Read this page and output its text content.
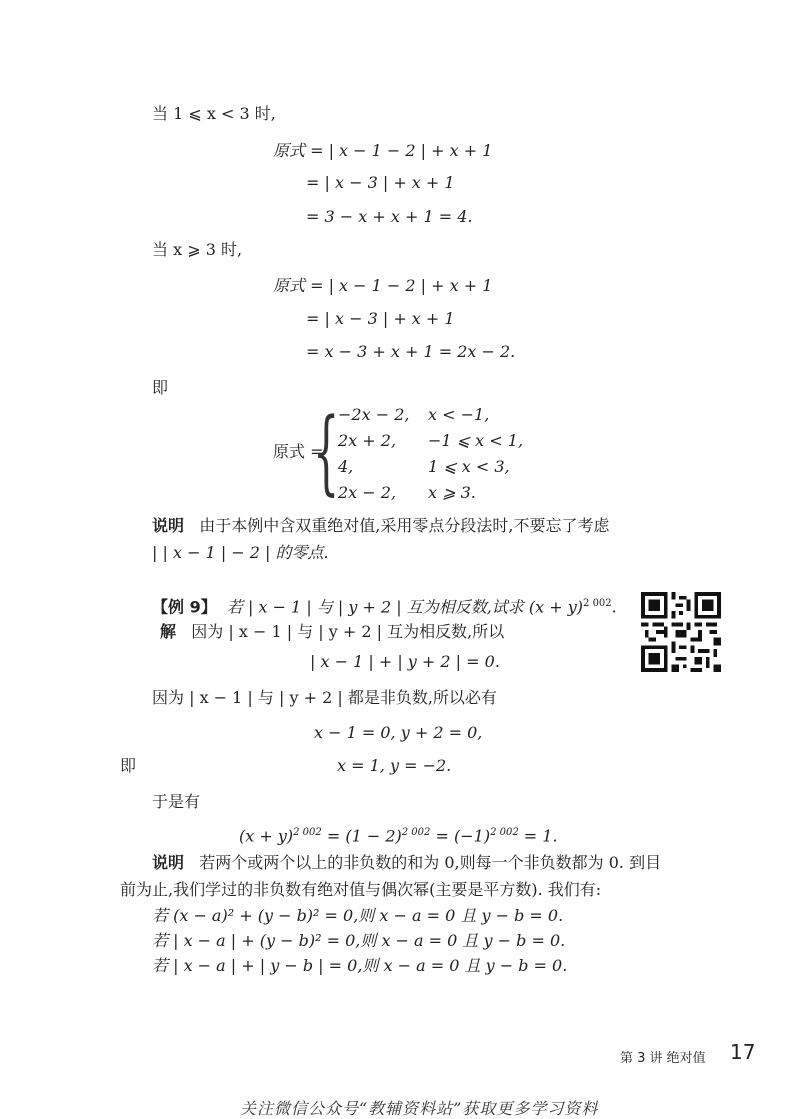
当 1 ⩽ x < 3 时,
原式 = | x − 1 − 2 | + x + 1
= | x − 3 | + x + 1
= 3 − x + x + 1 = 4.
当 x ⩾ 3 时,
原式 = | x − 1 − 2 | + x + 1
= | x − 3 | + x + 1
= x − 3 + x + 1 = 2x − 2.
即
原式 =
{
−2x − 2, x < −1,
2x + 2, −1 ⩽ x < 1,
4,	1 ⩽ x < 3,
2x − 2, x ⩾ 3.
说明 由于本例中含双重绝对值,采用零点分段法时,不要忘了考虑
| | x − 1 | − 2 | 的零点.
【例 9】 若 | x − 1 | 与 | y + 2 | 互为相反数,试求 $(x + y)^{2 002}$.
解 因为 | x − 1 | 与 | y + 2 | 互为相反数,所以
| x − 1 | + | y + 2 | = 0.
因为 | x − 1 | 与 | y + 2 | 都是非负数,所以必有
x − 1 = 0, y + 2 = 0,
即	x = 1, y = −2.
于是有
$(x + y)^{2 002} = (1 - 2)^{2 002} = (-1)^{2 002} = 1$.
说明 若两个或两个以上的非负数的和为 0,则每一个非负数都为 0. 到目
前为止,我们学过的非负数有绝对值与偶次幂(主要是平方数). 我们有:
若 (x − a)² + (y − b)² = 0,则 x − a = 0 且 y − b = 0.
若 | x − a | + (y − b)² = 0,则 x − a = 0 且 y − b = 0.
若 | x − a | + | y − b | = 0,则 x − a = 0 且 y − b = 0.
第 3 讲 绝对值 17
关注微信公众号“教辅资料站”获取更多学习资料
